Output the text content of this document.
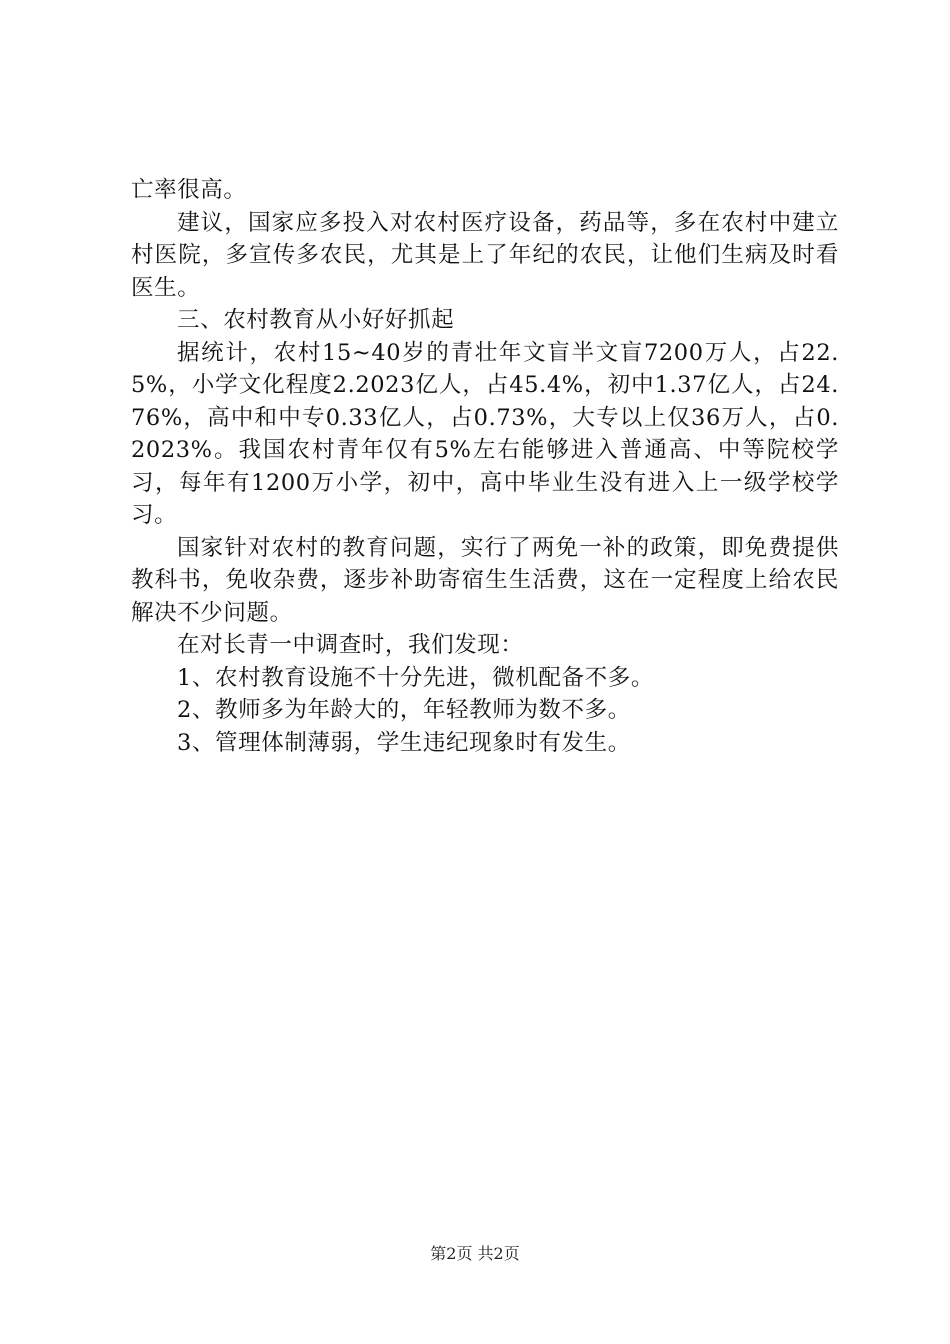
亡率很高。

建议，国家应多投入对农村医疗设备，药品等，多在农村中建立村医院，多宣传多农民，尤其是上了年纪的农民，让他们生病及时看医生。

三、农村教育从小好好抓起

据统计，农村15~40岁的青壮年文盲半文盲7200万人，占22.5%，小学文化程度2.2023亿人，占45.4%，初中1.37亿人，占24.76%，高中和中专0.33亿人，占0.73%，大专以上仅36万人，占0.2023%。我国农村青年仅有5%左右能够进入普通高、中等院校学习，每年有1200万小学，初中，高中毕业生没有进入上一级学校学习。

国家针对农村的教育问题，实行了两免一补的政策，即免费提供教科书，免收杂费，逐步补助寄宿生生活费，这在一定程度上给农民解决不少问题。

在对长青一中调查时，我们发现：

1、农村教育设施不十分先进，微机配备不多。

2、教师多为年龄大的，年轻教师为数不多。

3、管理体制薄弱，学生违纪现象时有发生。

第2页 共2页
